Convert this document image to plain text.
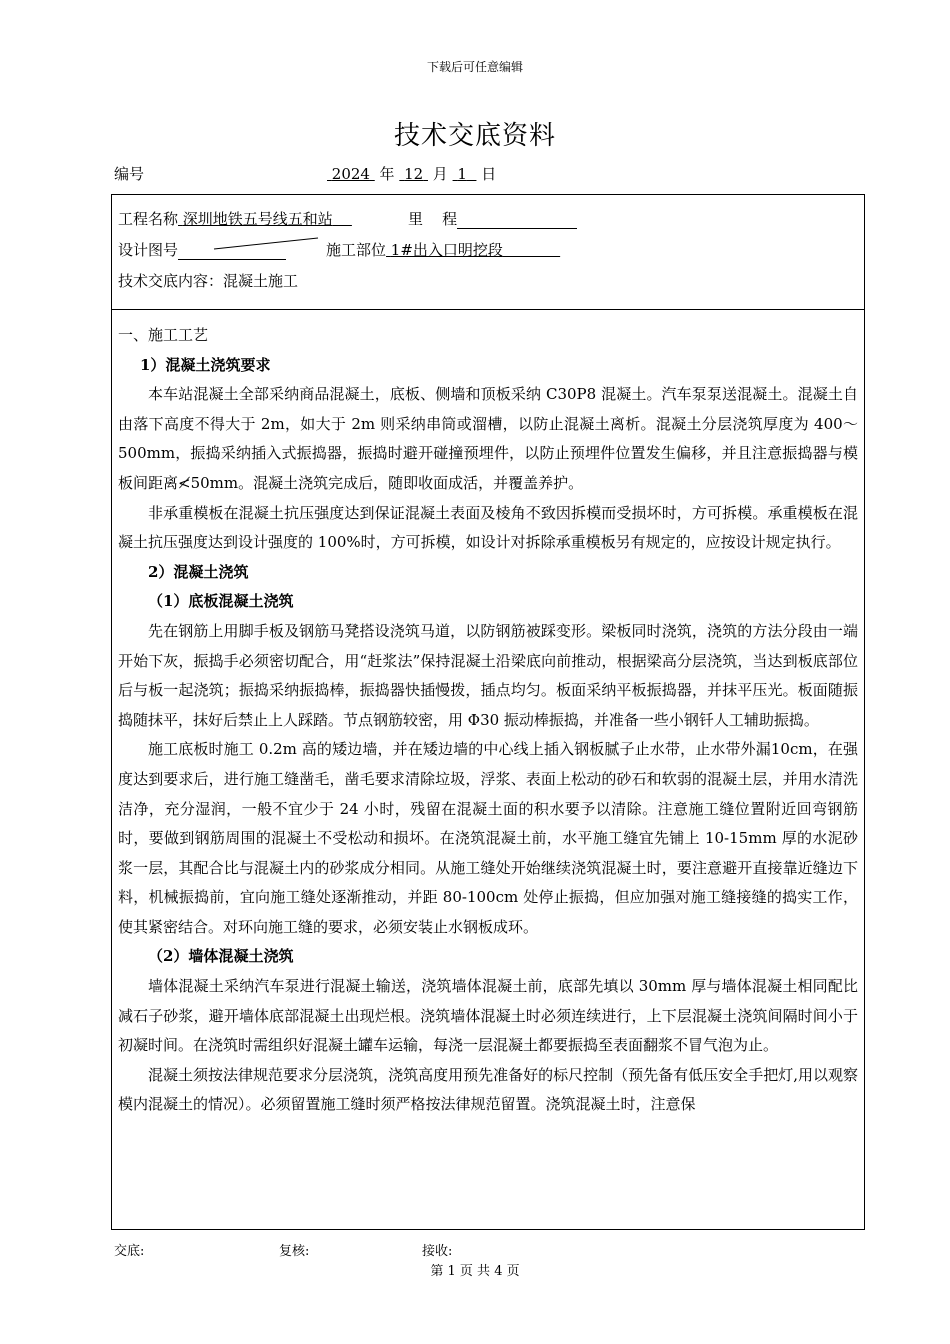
下载后可任意编辑
技术交底资料
编号	2024 年 12 月 1 日
工程名称 深圳地铁五号线五和站	里    程
设计图号	施工部位 1#出入口明挖段
技术交底内容：混凝土施工
一、施工工艺
1）混凝土浇筑要求

本车站混凝土全部采纳商品混凝土，底板、侧墙和顶板采纳 C30P8 混凝土。汽车泵泵送混凝土。混凝土自由落下高度不得大于 2m，如大于 2m 则采纳串筒或溜槽，以防止混凝土离析。混凝土分层浇筑厚度为 400～500mm，振捣采纳插入式振捣器，振捣时避开碰撞预埋件，以防止预埋件位置发生偏移，并且注意振捣器与模板间距离≮50mm。混凝土浇筑完成后，随即收面成活，并覆盖养护。

非承重模板在混凝土抗压强度达到保证混凝土表面及棱角不致因拆模而受损坏时，方可拆模。承重模板在混凝土抗压强度达到设计强度的 100%时，方可拆模，如设计对拆除承重模板另有规定的，应按设计规定执行。

2）混凝土浇筑
（1）底板混凝土浇筑

先在钢筋上用脚手板及钢筋马凳搭设浇筑马道，以防钢筋被踩变形。梁板同时浇筑，浇筑的方法分段由一端开始下灰，振捣手必须密切配合，用“赶浆法”保持混凝土沿梁底向前推动，根据梁高分层浇筑，当达到板底部位后与板一起浇筑；振捣采纳振捣棒，振捣器快插慢拨，插点均匀。板面采纳平板振捣器，并抹平压光。板面随振捣随抹平，抹好后禁止上人踩踏。节点钢筋较密，用 Φ30 振动棒振捣，并准备一些小钢钎人工辅助振捣。

施工底板时施工 0.2m 高的矮边墙，并在矮边墙的中心线上插入钢板腻子止水带，止水带外漏10cm，在强度达到要求后，进行施工缝凿毛，凿毛要求清除垃圾，浮浆、表面上松动的砂石和软弱的混凝土层，并用水清洗洁净，充分湿润，一般不宜少于 24 小时，残留在混凝土面的积水要予以清除。注意施工缝位置附近回弯钢筋时，要做到钢筋周围的混凝土不受松动和损坏。在浇筑混凝土前，水平施工缝宜先铺上 10-15mm 厚的水泥砂浆一层，其配合比与混凝土内的砂浆成分相同。从施工缝处开始继续浇筑混凝土时，要注意避开直接靠近缝边下料，机械振捣前，宜向施工缝处逐渐推动，并距 80-100cm 处停止振捣，但应加强对施工缝接缝的捣实工作，使其紧密结合。对环向施工缝的要求，必须安装止水钢板成环。

（2）墙体混凝土浇筑

墙体混凝土采纳汽车泵进行混凝土输送，浇筑墙体混凝土前，底部先填以 30mm 厚与墙体混凝土相同配比减石子砂浆，避开墙体底部混凝土出现烂根。浇筑墙体混凝土时必须连续进行，上下层混凝土浇筑间隔时间小于初凝时间。在浇筑时需组织好混凝土罐车运输，每浇一层混凝土都要振捣至表面翻浆不冒气泡为止。

混凝土须按法律规范要求分层浇筑，浇筑高度用预先准备好的标尺控制（预先备有低压安全手把灯,用以观察模内混凝土的情况）。必须留置施工缝时须严格按法律规范留置。浇筑混凝土时，注意保

交底:	复核:	接收:
第 1 页 共 4 页
